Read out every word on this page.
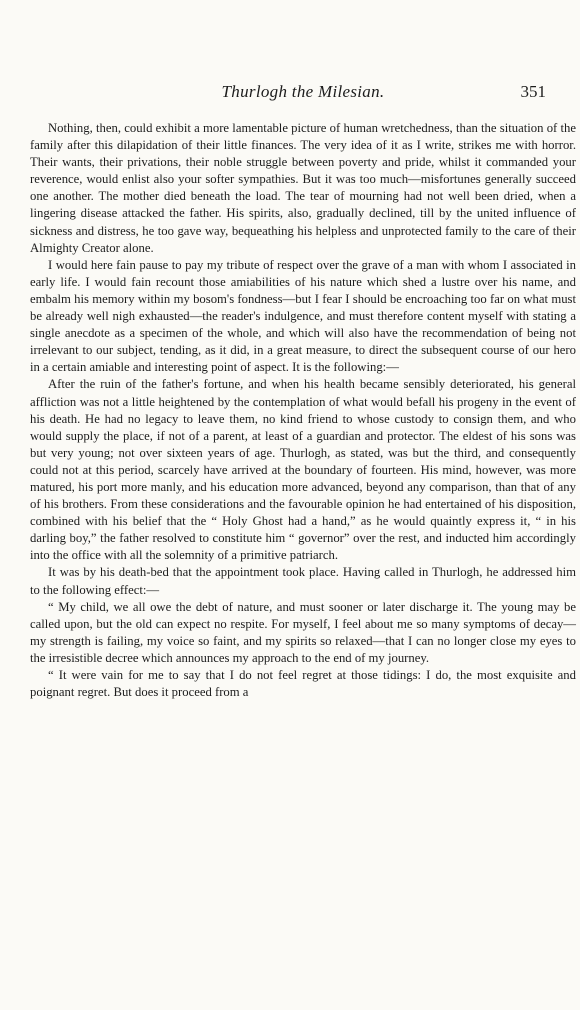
Thurlogh the Milesian.	351

Nothing, then, could exhibit a more lamentable picture of human wretchedness, than the situation of the family after this dilapidation of their little finances. The very idea of it as I write, strikes me with horror. Their wants, their privations, their noble struggle between poverty and pride, whilst it commanded your reverence, would enlist also your softer sympathies. But it was too much—misfortunes generally succeed one another. The mother died beneath the load. The tear of mourning had not well been dried, when a lingering disease attacked the father. His spirits, also, gradually declined, till by the united influence of sickness and distress, he too gave way, bequeathing his helpless and unprotected family to the care of their Almighty Creator alone.

I would here fain pause to pay my tribute of respect over the grave of a man with whom I associated in early life. I would fain recount those amiabilities of his nature which shed a lustre over his name, and embalm his memory within my bosom's fondness—but I fear I should be encroaching too far on what must be already well nigh exhausted—the reader's indulgence, and must therefore content myself with stating a single anecdote as a specimen of the whole, and which will also have the recommendation of being not irrelevant to our subject, tending, as it did, in a great measure, to direct the subsequent course of our hero in a certain amiable and interesting point of aspect. It is the following:—

After the ruin of the father's fortune, and when his health became sensibly deteriorated, his general affliction was not a little heightened by the contemplation of what would befall his progeny in the event of his death. He had no legacy to leave them, no kind friend to whose custody to consign them, and who would supply the place, if not of a parent, at least of a guardian and protector. The eldest of his sons was but very young; not over sixteen years of age. Thurlogh, as stated, was but the third, and consequently could not at this period, scarcely have arrived at the boundary of fourteen. His mind, however, was more matured, his port more manly, and his education more advanced, beyond any comparison, than that of any of his brothers. From these considerations and the favourable opinion he had entertained of his disposition, combined with his belief that the “ Holy Ghost had a hand,” as he would quaintly express it, “ in his darling boy,” the father resolved to constitute him “ governor” over the rest, and inducted him accordingly into the office with all the solemnity of a primitive patriarch.

It was by his death-bed that the appointment took place. Having called in Thurlogh, he addressed him to the following effect:—

“ My child, we all owe the debt of nature, and must sooner or later discharge it. The young may be called upon, but the old can expect no respite. For myself, I feel about me so many symptoms of decay—my strength is failing, my voice so faint, and my spirits so relaxed—that I can no longer close my eyes to the irresistible decree which announces my approach to the end of my journey.

“ It were vain for me to say that I do not feel regret at those tidings: I do, the most exquisite and poignant regret. But does it proceed from a
